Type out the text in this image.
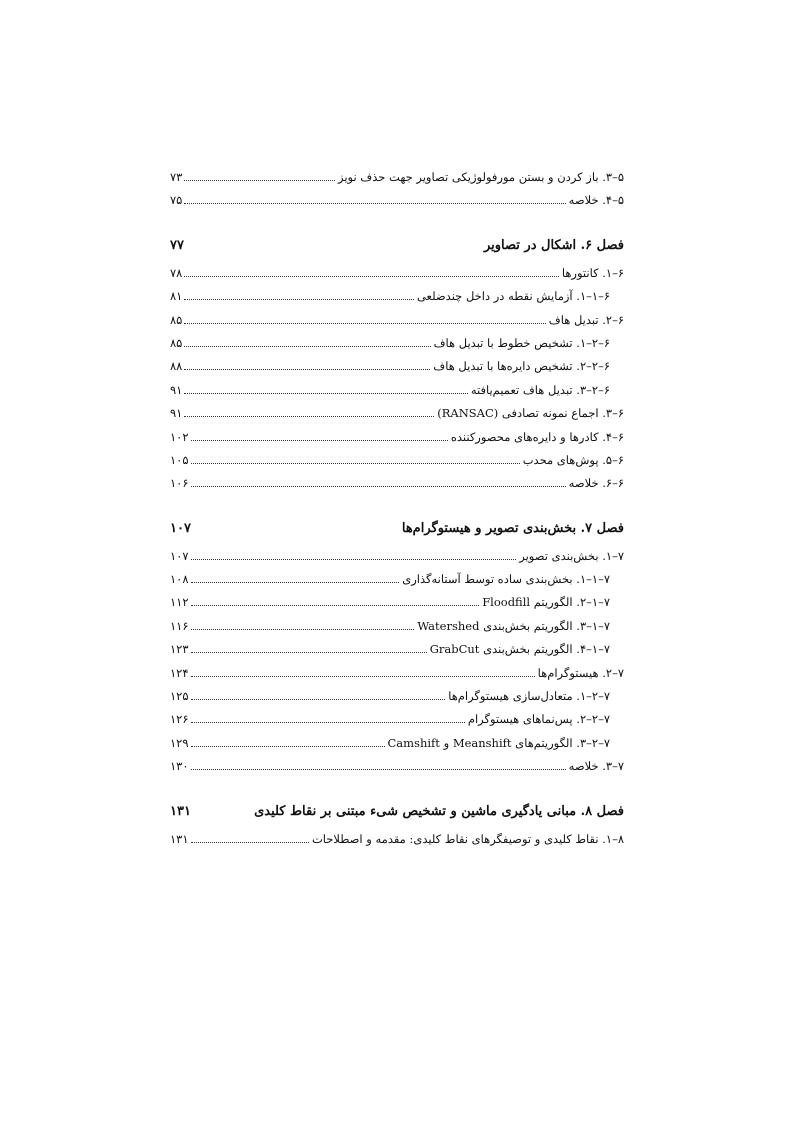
۵–۳. باز کردن و بستن مورفولوژیکی تصاویر جهت حذف نویز
۷۳
۵–۴. خلاصه
۷۵
فصل ۶. اشکال در تصاویر
۷۷
۶–۱. کانتورها
۷۸
۶–۱–۱. آزمایش نقطه در داخل چندضلعی
۸۱
۶–۲. تبدیل هاف
۸۵
۶–۲–۱. تشخیص خطوط با تبدیل هاف
۸۵
۶–۲–۲. تشخیص دایره‌ها با تبدیل هاف
۸۸
۶–۲–۳. تبدیل هاف تعمیم‌یافته
۹۱
۶–۳. اجماع نمونه تصادفی (RANSAC)
۹۱
۶–۴. کادرها و دایره‌های محصورکننده
۱۰۲
۶–۵. پوش‌های محدب
۱۰۵
۶–۶. خلاصه
۱۰۶
فصل ۷. بخش‌بندی تصویر و هیستوگرام‌ها
۱۰۷
۷–۱. بخش‌بندی تصویر
۱۰۷
۷–۱–۱. بخش‌بندی ساده توسط آستانه‌گذاری
۱۰۸
۷–۱–۲. الگوریتم Floodfill
۱۱۲
۷–۱–۳. الگوریتم بخش‌بندی Watershed
۱۱۶
۷–۱–۴. الگوریتم بخش‌بندی GrabCut
۱۲۳
۷–۲. هیستوگرام‌ها
۱۲۴
۷–۲–۱. متعادل‌سازی هیستوگرام‌ها
۱۲۵
۷–۲–۲. پس‌نماهای هیستوگرام
۱۲۶
۷–۲–۳. الگوریتم‌های Meanshift و Camshift
۱۲۹
۷–۳. خلاصه
۱۳۰
فصل ۸. مبانی یادگیری ماشین و تشخیص شیء مبتنی بر نقاط کلیدی
۱۳۱
۸–۱. نقاط کلیدی و توصیفگرهای نقاط کلیدی: مقدمه و اصطلاحات
۱۳۱
